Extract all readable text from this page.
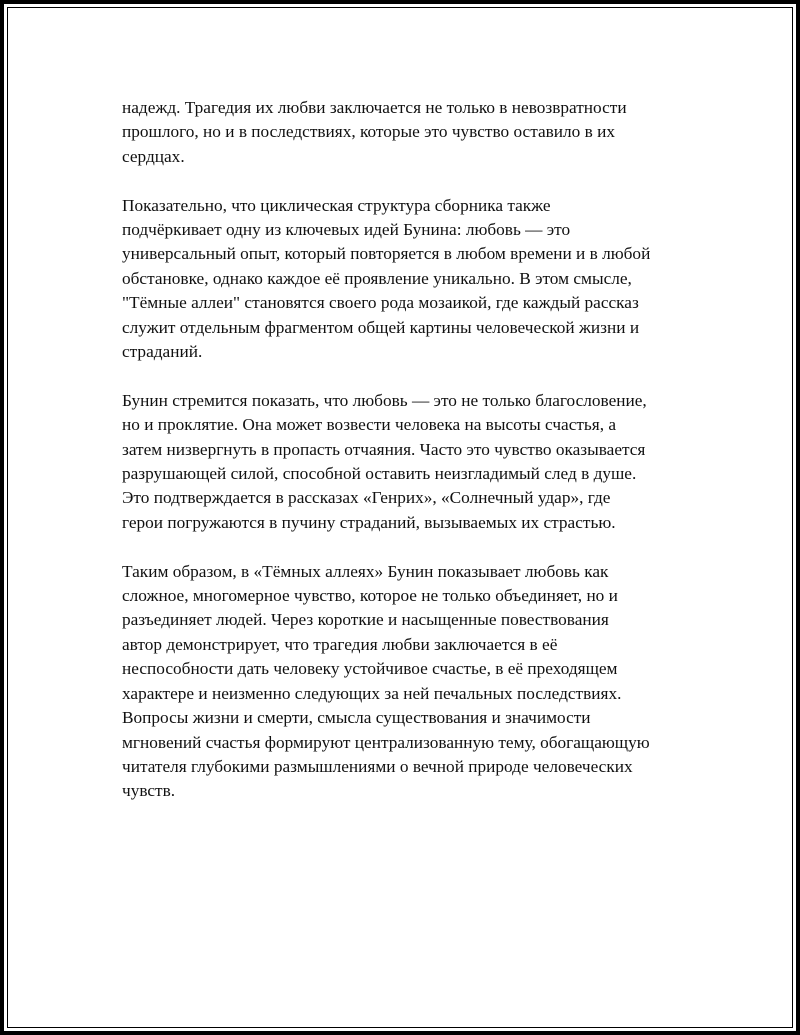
надежд. Трагедия их любви заключается не только в невозвратности
прошлого, но и в последствиях, которые это чувство оставило в их
сердцах.

Показательно, что циклическая структура сборника также
подчёркивает одну из ключевых идей Бунина: любовь — это
универсальный опыт, который повторяется в любом времени и в любой
обстановке, однако каждое её проявление уникально. В этом смысле,
"Тёмные аллеи" становятся своего рода мозаикой, где каждый рассказ
служит отдельным фрагментом общей картины человеческой жизни и
страданий.

Бунин стремится показать, что любовь — это не только благословение,
но и проклятие. Она может возвести человека на высоты счастья, а
затем низвергнуть в пропасть отчаяния. Часто это чувство оказывается
разрушающей силой, способной оставить неизгладимый след в душе.
Это подтверждается в рассказах «Генрих», «Солнечный удар», где
герои погружаются в пучину страданий, вызываемых их страстью.

Таким образом, в «Тёмных аллеях» Бунин показывает любовь как
сложное, многомерное чувство, которое не только объединяет, но и
разъединяет людей. Через короткие и насыщенные повествования
автор демонстрирует, что трагедия любви заключается в её
неспособности дать человеку устойчивое счастье, в её преходящем
характере и неизменно следующих за ней печальных последствиях.
Вопросы жизни и смерти, смысла существования и значимости
мгновений счастья формируют централизованную тему, обогащающую
читателя глубокими размышлениями о вечной природе человеческих
чувств.
